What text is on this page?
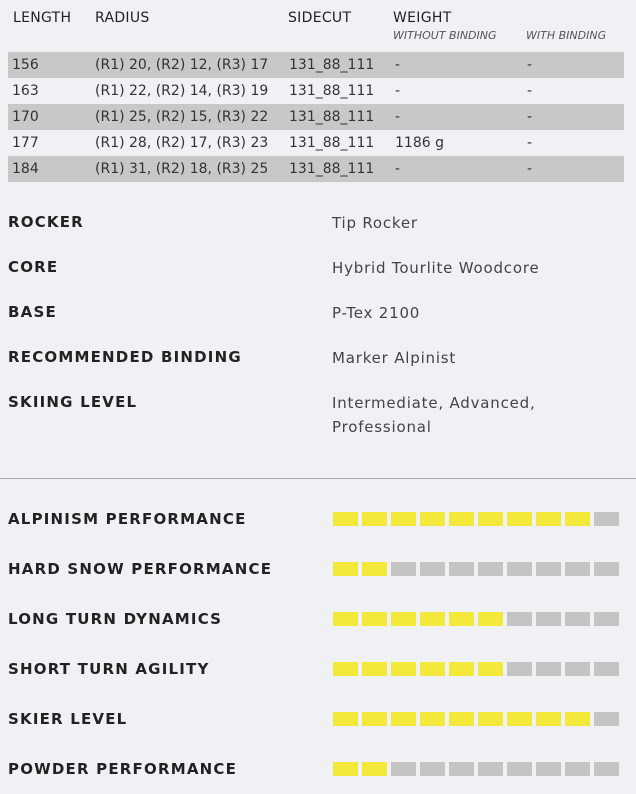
LENGTH RADIUS	SIDECUT	WEIGHT
WITHOUT BINDING	WITH BINDING
156	(R1) 20, (R2) 12, (R3) 17 131_88_111 -	-
163	(R1) 22, (R2) 14, (R3) 19 131_88_111 -	-
170	(R1) 25, (R2) 15, (R3) 22 131_88_111 -	-
177	(R1) 28, (R2) 17, (R3) 23 131_88_111 1186 g	-
184	(R1) 31, (R2) 18, (R3) 25 131_88_111 -	-
ROCKER	Tip Rocker
CORE	Hybrid Tourlite Woodcore
BASE	P-Tex 2100
RECOMMENDED BINDING	Marker Alpinist
SKIING LEVEL	Intermediate, Advanced,
Professional
ALPINISM PERFORMANCE
HARD SNOW PERFORMANCE
LONG TURN DYNAMICS
SHORT TURN AGILITY
SKIER LEVEL
POWDER PERFORMANCE
